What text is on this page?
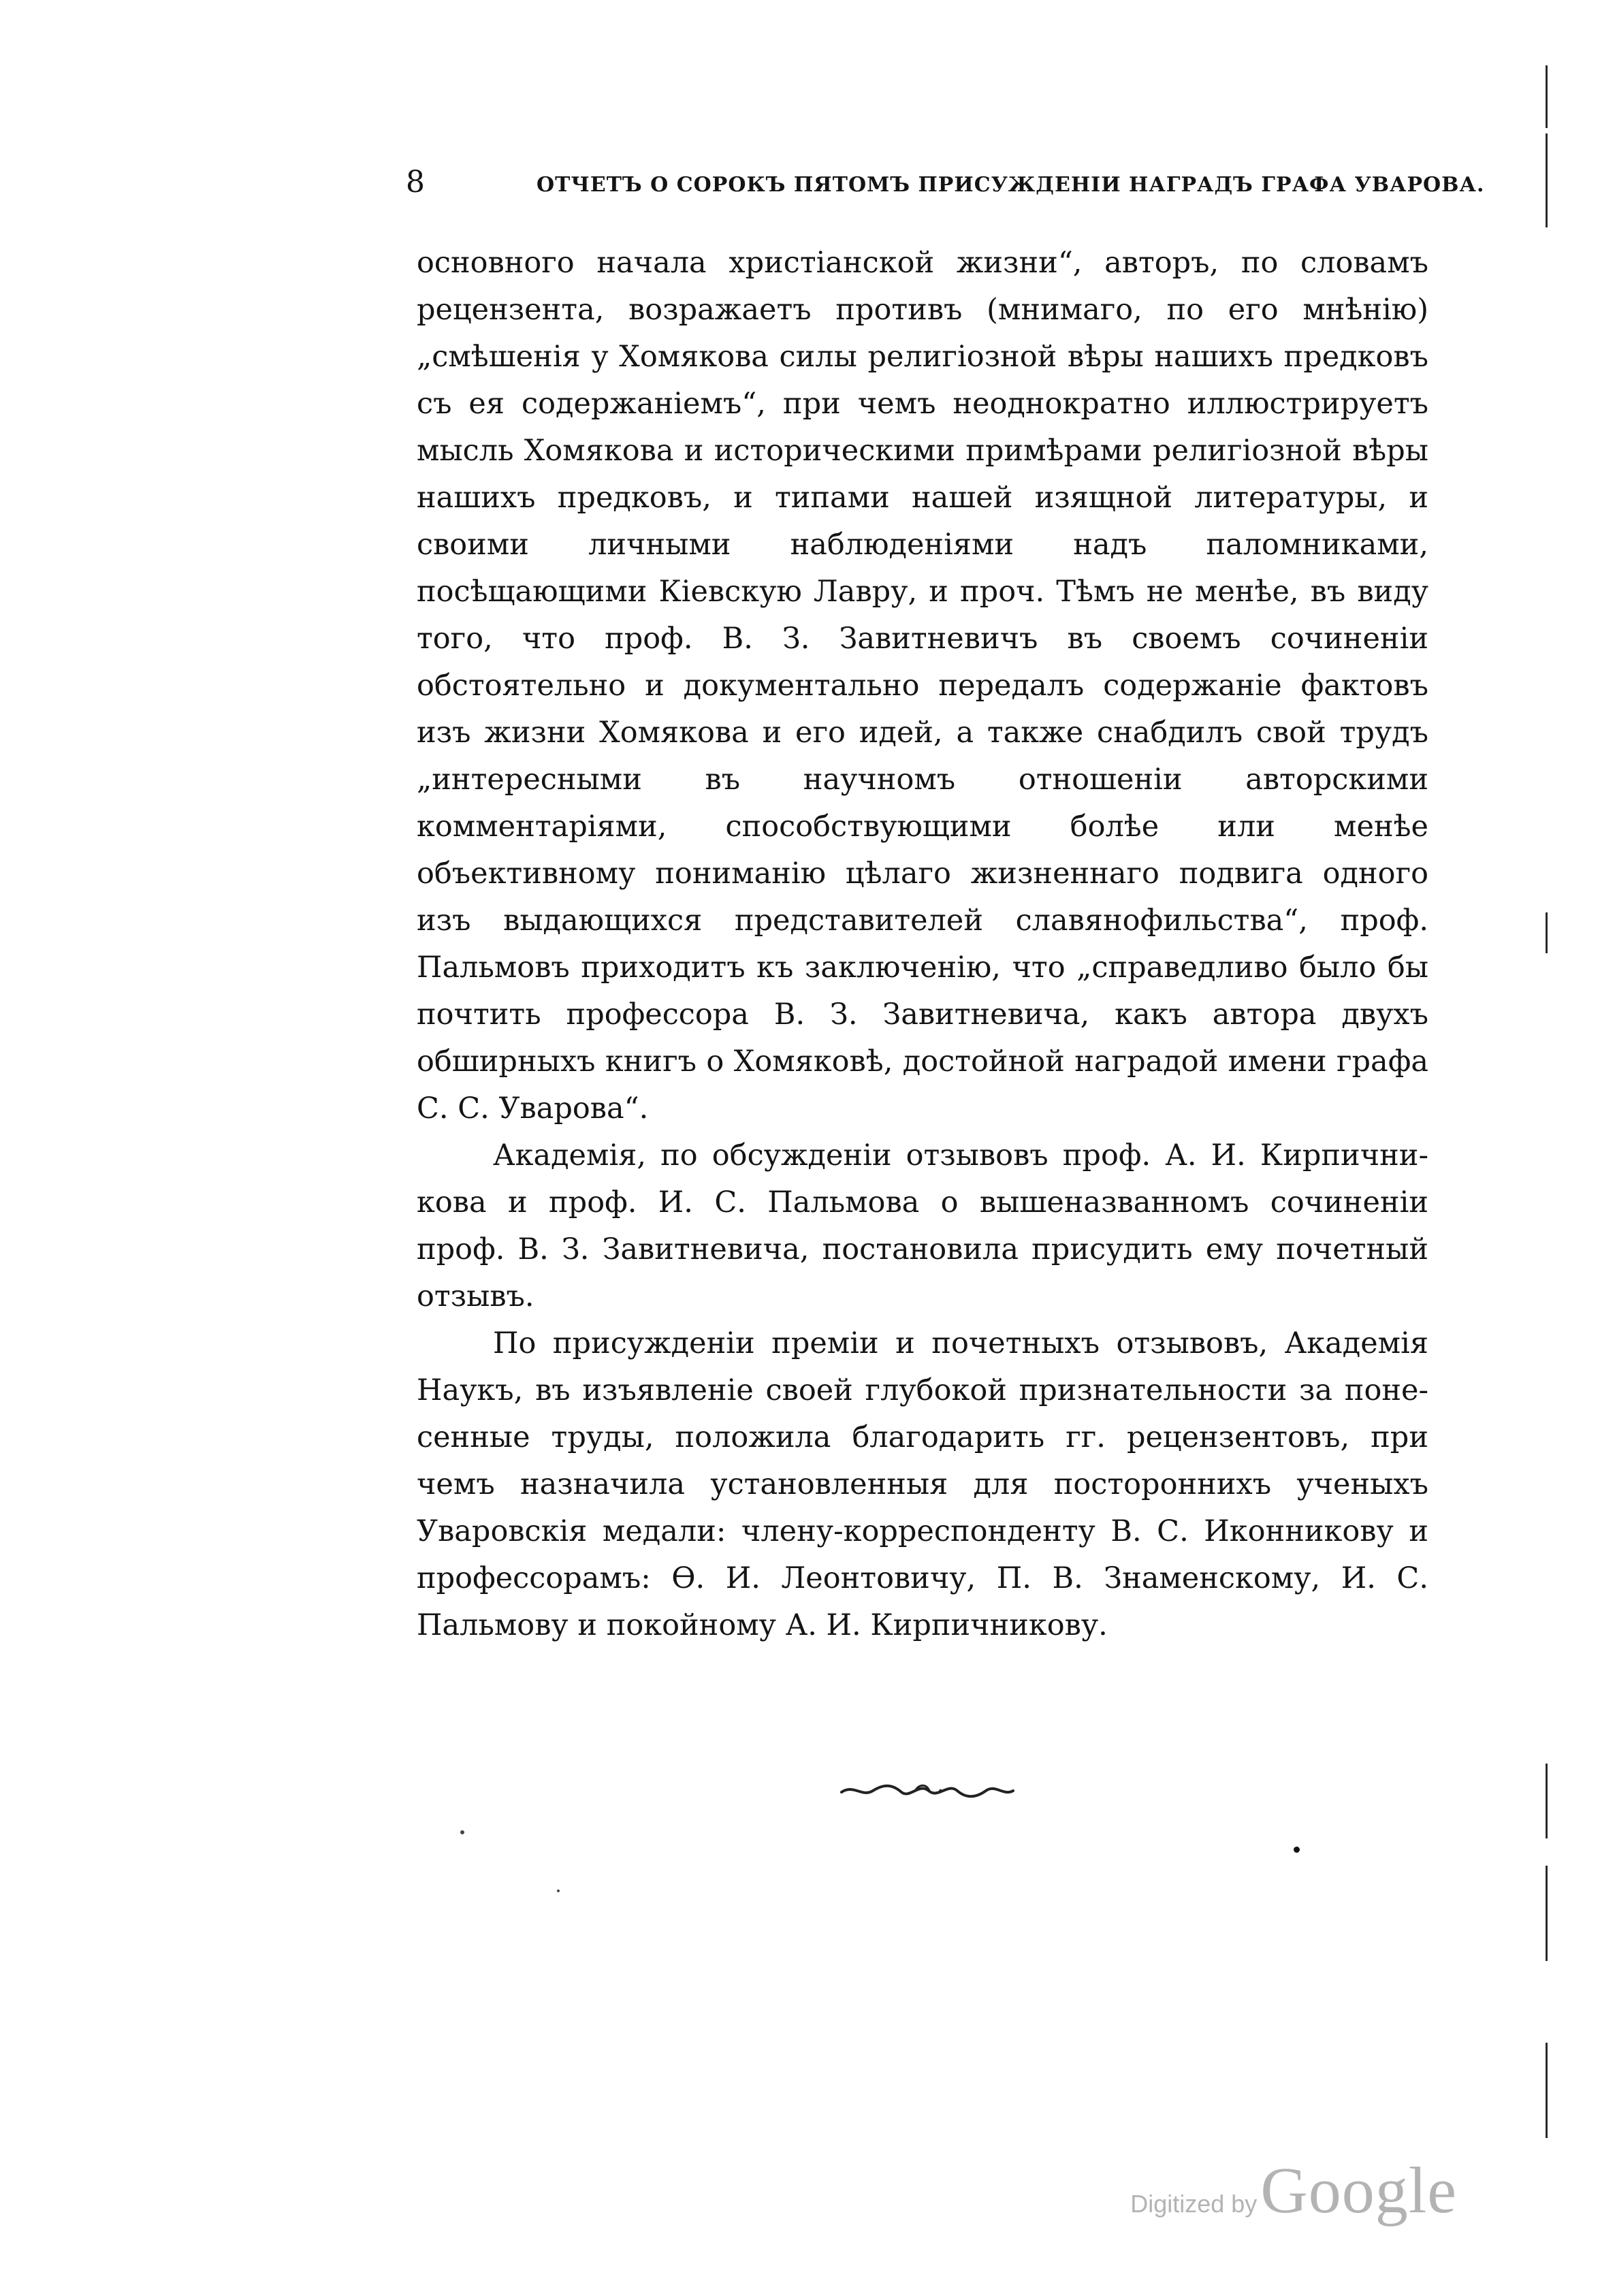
8	ОТЧЕТЪ О СОРОКЪ ПЯТОМЪ ПРИСУЖДЕНІИ НАГРАДЪ ГРАФА УВАРОВА.

основного начала христіанской жизни“, авторъ, по словамъ рецензента, возражаетъ противъ (мнимаго, по его мнѣнію) „смѣшенія у Хомякова силы религіозной вѣры нашихъ предковъ съ ея содержаніемъ“, при чемъ неоднократно иллюстрируетъ мысль Хомякова и историческими примѣрами религіозной вѣры нашихъ предковъ, и типами нашей изящной литературы, и своими личными наблюденіями надъ паломниками, посѣщающими Кіевскую Лавру, и проч. Тѣмъ не менѣе, въ виду того, что проф. В. З. Завитневичъ въ своемъ сочиненіи обстоятельно и документально передалъ содержаніе фактовъ изъ жизни Хомякова и его идей, а также снабдилъ свой трудъ „интересными въ научномъ отношеніи авторскими комментаріями, способствующими болѣе или менѣе объективному пониманію цѣлаго жизненнаго подвига одного изъ выдающихся представителей славянофильства“, проф. Пальмовъ приходитъ къ заключенію, что „справедливо было бы почтить профессора В. З. Завитневича, какъ автора двухъ обширныхъ книгъ о Хомяковѣ, достойной наградой имени графа С. С. Уварова“.

Академія, по обсужденіи отзывовъ проф. А. И. Кирпичникова и проф. И. С. Пальмова о вышеназванномъ сочиненіи проф. В. З. Завитневича, постановила присудить ему почетный отзывъ.

По присужденіи преміи и почетныхъ отзывовъ, Академія Наукъ, въ изъявленіе своей глубокой признательности за понесенные труды, положила благодарить гг. рецензентовъ, при чемъ назначила установленныя для постороннихъ ученыхъ Уваровскія медали: члену-корреспонденту В. С. Иконникову и профессорамъ: Ѳ. И. Леонтовичу, П. В. Знаменскому, И. С. Пальмову и покойному А. И. Кирпичникову.

Digitized by Google
